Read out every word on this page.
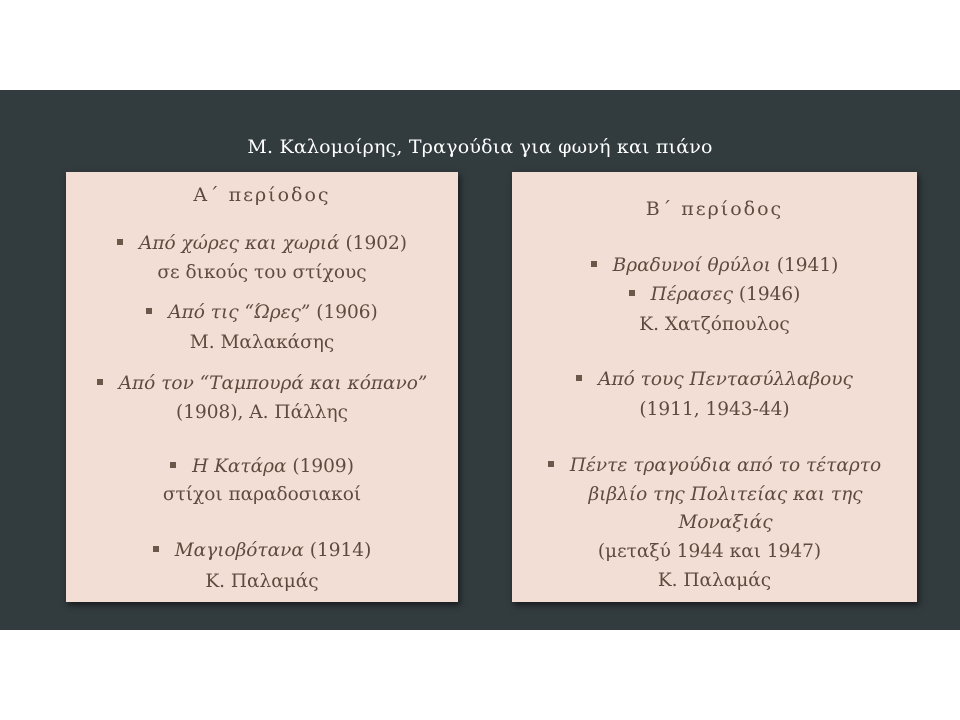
Μ. Καλομοίρης, Τραγούδια για φωνή και πιάνο
Α΄ περίοδος
Από χώρες και χωριά (1902)
σε δικούς του στίχους
Από τις “Ώρες” (1906)
Μ. Μαλακάσης
Από τον “Ταμπουρά και κόπανο”
(1908), Α. Πάλλης
Η Κατάρα (1909)
στίχοι παραδοσιακοί
Μαγιοβότανα (1914)
Κ. Παλαμάς
Β΄ περίοδος
Βραδυνοί θρύλοι (1941)
Πέρασες (1946)
Κ. Χατζόπουλος
Από τους Πεντασύλλαβους
(1911, 1943-44)
Πέντε τραγούδια από το τέταρτο
βιβλίο της Πολιτείας και της
Μοναξιάς
(μεταξύ 1944 και 1947)
Κ. Παλαμάς
